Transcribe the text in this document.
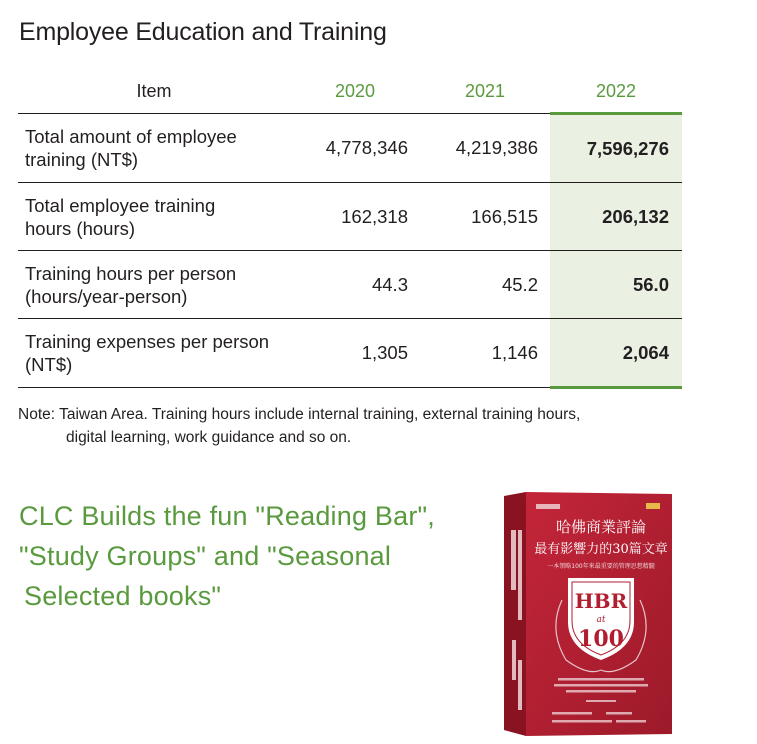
Employee Education and Training
Item	2020	2021	2022
Total amount of employee
training (NT$)	4,778,346	4,219,386	7,596,276
Total employee training
hours (hours)	162,318	166,515	206,132
Training hours per person
(hours/year-person)	44.3	45.2	56.0
Training expenses per person
(NT$)	1,305	1,146	2,064
Note: Taiwan Area. Training hours include internal training, external training hours,
digital learning, work guidance and so on.
CLC Builds the fun "Reading Bar",
"Study Groups" and "Seasonal
Selected books"
哈佛商業評論
最有影響力的30篇文章
一本領略100年來最重要的管理思想精髓
HBR
at
100
